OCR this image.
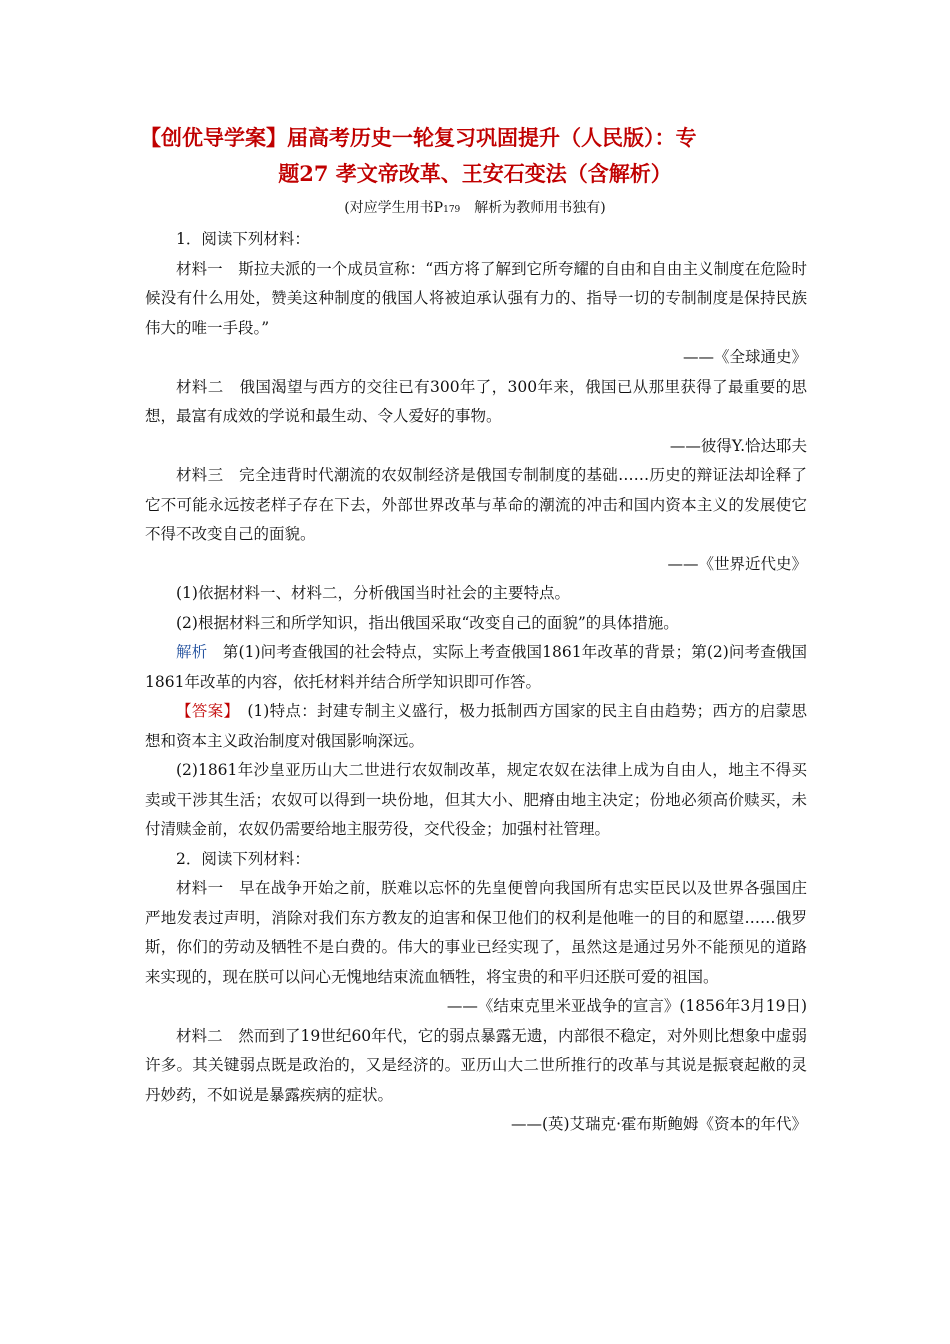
【创优导学案】届高考历史一轮复习巩固提升（人民版）：专
题27 孝文帝改革、王安石变法（含解析）
(对应学生用书P179　解析为教师用书独有)

1．阅读下列材料：

材料一　斯拉夫派的一个成员宣称：“西方将了解到它所夸耀的自由和自由主义制度在危险时候没有什么用处，赞美这种制度的俄国人将被迫承认强有力的、指导一切的专制制度是保持民族伟大的唯一手段。”

——《全球通史》

材料二　俄国渴望与西方的交往已有300年了，300年来，俄国已从那里获得了最重要的思想，最富有成效的学说和最生动、令人爱好的事物。

——彼得Y.恰达耶夫

材料三　完全违背时代潮流的农奴制经济是俄国专制制度的基础……历史的辩证法却诠释了它不可能永远按老样子存在下去，外部世界改革与革命的潮流的冲击和国内资本主义的发展使它不得不改变自己的面貌。

——《世界近代史》

(1)依据材料一、材料二，分析俄国当时社会的主要特点。

(2)根据材料三和所学知识，指出俄国采取“改变自己的面貌”的具体措施。

解析　第(1)问考查俄国的社会特点，实际上考查俄国1861年改革的背景；第(2)问考查俄国1861年改革的内容，依托材料并结合所学知识即可作答。

【答案】　(1)特点：封建专制主义盛行，极力抵制西方国家的民主自由趋势；西方的启蒙思想和资本主义政治制度对俄国影响深远。

(2)1861年沙皇亚历山大二世进行农奴制改革，规定农奴在法律上成为自由人，地主不得买卖或干涉其生活；农奴可以得到一块份地，但其大小、肥瘠由地主决定；份地必须高价赎买，未付清赎金前，农奴仍需要给地主服劳役，交代役金；加强村社管理。

2．阅读下列材料：

材料一　早在战争开始之前，朕难以忘怀的先皇便曾向我国所有忠实臣民以及世界各强国庄严地发表过声明，消除对我们东方教友的迫害和保卫他们的权利是他唯一的目的和愿望……俄罗斯，你们的劳动及牺牲不是白费的。伟大的事业已经实现了，虽然这是通过另外不能预见的道路来实现的，现在朕可以问心无愧地结束流血牺牲，将宝贵的和平归还朕可爱的祖国。

——《结束克里米亚战争的宣言》(1856年3月19日)

材料二　然而到了19世纪60年代，它的弱点暴露无遗，内部很不稳定，对外则比想象中虚弱许多。其关键弱点既是政治的，又是经济的。亚历山大二世所推行的改革与其说是振衰起敝的灵丹妙药，不如说是暴露疾病的症状。

——(英)艾瑞克·霍布斯鲍姆《资本的年代》
